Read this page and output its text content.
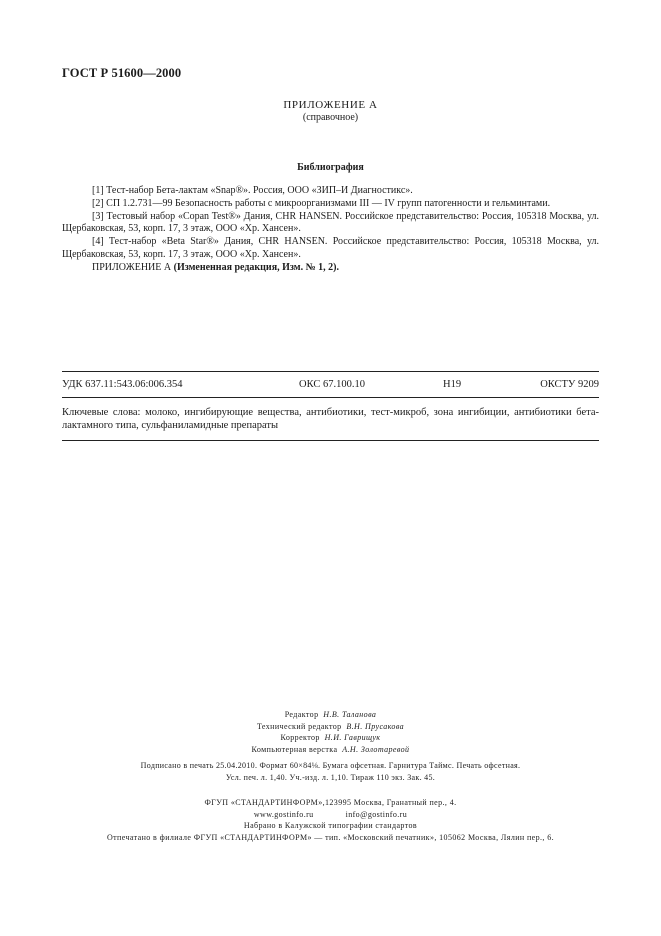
ГОСТ Р 51600—2000
ПРИЛОЖЕНИЕ А
(справочное)
Библиография

[1] Тест-набор Бета-лактам «Snap®». Россия, ООО «ЗИП–И Диагностикс».

[2] СП 1.2.731—99 Безопасность работы с микроорганизмами III — IV групп патогенности и гельминтами.

[3] Тестовый набор «Copan Test®» Дания, CHR HANSEN. Российское представительство: Россия, 105318 Москва, ул. Щербаковская, 53, корп. 17, 3 этаж, ООО «Хр. Хансен».

[4] Тест-набор «Beta Star®» Дания, CHR HANSEN. Российское представительство: Россия, 105318 Москва, ул. Щербаковская, 53, корп. 17, 3 этаж, ООО «Хр. Хансен».

ПРИЛОЖЕНИЕ А (Измененная редакция, Изм. № 1, 2).

УДК 637.11:543.06:006.354	ОКС 67.100.10	Н19	ОКСТУ 9209
Ключевые слова: молоко, ингибирующие вещества, антибиотики, тест-микроб, зона ингибиции, антибиотики бета-лактамного типа, сульфаниламидные препараты
Редактор Н.В. Таланова
Технический редактор В.Н. Прусакова
Корректор Н.И. Гаврищук
Компьютерная верстка А.Н. Золотаревой
Подписано в печать 25.04.2010. Формат 60×84⅛. Бумага офсетная. Гарнитура Таймс. Печать офсетная.
Усл. печ. л. 1,40. Уч.-изд. л. 1,10. Тираж 110 экз. Зак. 45.
ФГУП «СТАНДАРТИНФОРМ»,123995 Москва, Гранатный пер., 4.
www.gostinfo.ru	info@gostinfo.ru
Набрано в Калужской типографии стандартов
Отпечатано в филиале ФГУП «СТАНДАРТИНФОРМ» — тип. «Московский печатник», 105062 Москва, Лялин пер., 6.
